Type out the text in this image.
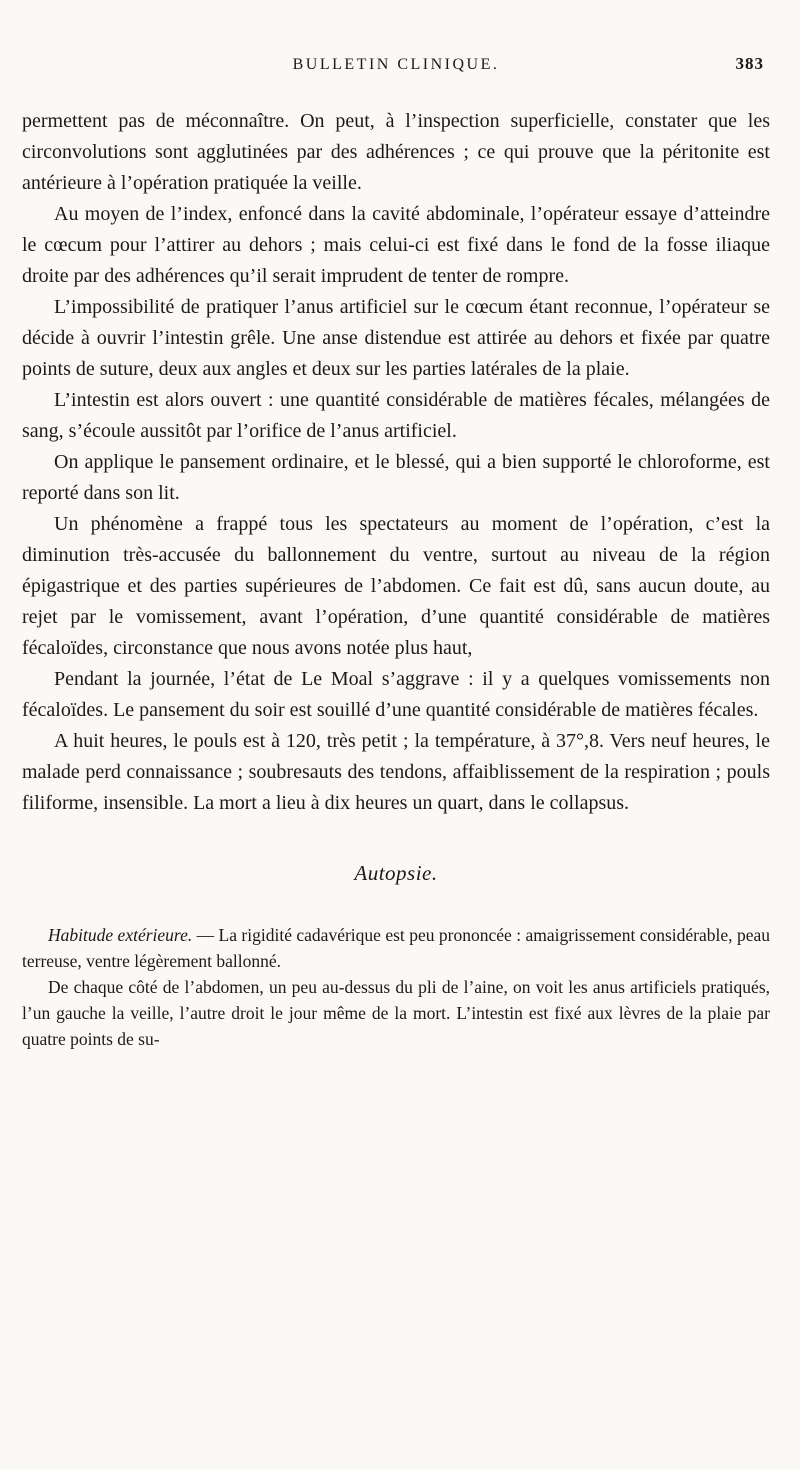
BULLETIN CLINIQUE.	383

permettent pas de méconnaître. On peut, à l’inspection superficielle, constater que les circonvolutions sont agglutinées par des adhérences ; ce qui prouve que la péritonite est antérieure à l’opération pratiquée la veille.

Au moyen de l’index, enfoncé dans la cavité abdominale, l’opérateur essaye d’atteindre le cœcum pour l’attirer au dehors ; mais celui-ci est fixé dans le fond de la fosse iliaque droite par des adhérences qu’il serait imprudent de tenter de rompre.

L’impossibilité de pratiquer l’anus artificiel sur le cœcum étant reconnue, l’opérateur se décide à ouvrir l’intestin grêle. Une anse distendue est attirée au dehors et fixée par quatre points de suture, deux aux angles et deux sur les parties latérales de la plaie.

L’intestin est alors ouvert : une quantité considérable de matières fécales, mélangées de sang, s’écoule aussitôt par l’orifice de l’anus artificiel.

On applique le pansement ordinaire, et le blessé, qui a bien supporté le chloroforme, est reporté dans son lit.

Un phénomène a frappé tous les spectateurs au moment de l’opération, c’est la diminution très-accusée du ballonnement du ventre, surtout au niveau de la région épigastrique et des parties supérieures de l’abdomen. Ce fait est dû, sans aucun doute, au rejet par le vomissement, avant l’opération, d’une quantité considérable de matières fécaloïdes, circonstance que nous avons notée plus haut,

Pendant la journée, l’état de Le Moal s’aggrave : il y a quelques vomissements non fécaloïdes. Le pansement du soir est souillé d’une quantité considérable de matières fécales.

A huit heures, le pouls est à 120, très petit ; la température, à 37°,8. Vers neuf heures, le malade perd connaissance ; soubresauts des tendons, affaiblissement de la respiration ; pouls filiforme, insensible. La mort a lieu à dix heures un quart, dans le collapsus.

Autopsie.

Habitude extérieure. — La rigidité cadavérique est peu prononcée : amaigrissement considérable, peau terreuse, ventre légèrement ballonné.

De chaque côté de l’abdomen, un peu au-dessus du pli de l’aine, on voit les anus artificiels pratiqués, l’un gauche la veille, l’autre droit le jour même de la mort. L’intestin est fixé aux lèvres de la plaie par quatre points de su-
